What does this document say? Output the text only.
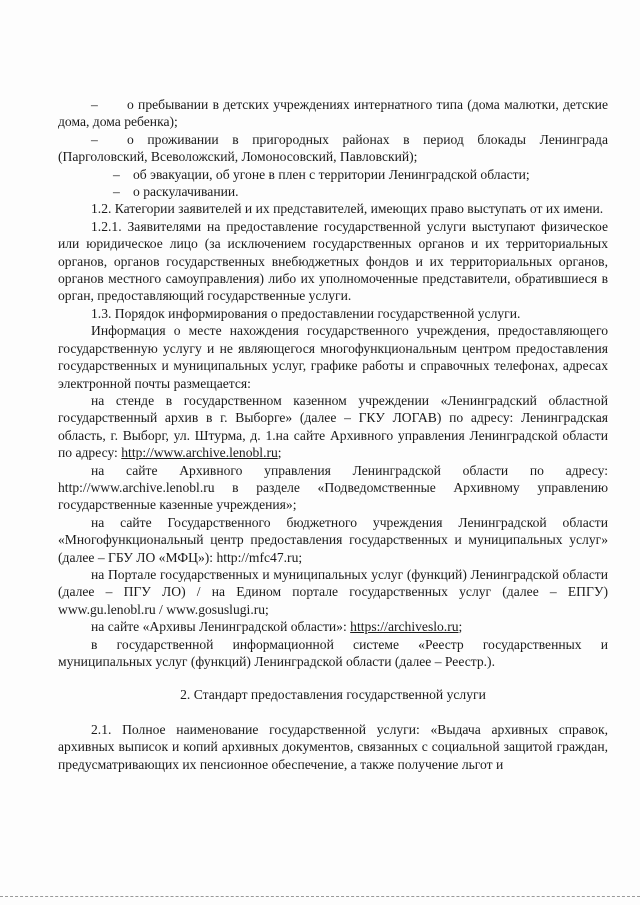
– о пребывании в детских учреждениях интернатного типа (дома малютки, детские дома, дома ребенка);

– о проживании в пригородных районах в период блокады Ленинграда (Парголовский, Всеволожский, Ломоносовский, Павловский);

– об эвакуации, об угоне в плен с территории Ленинградской области;

– о раскулачивании.

1.2. Категории заявителей и их представителей, имеющих право выступать от их имени.

1.2.1. Заявителями на предоставление государственной услуги выступают физическое или юридическое лицо (за исключением государственных органов и их территориальных органов, органов государственных внебюджетных фондов и их территориальных органов, органов местного самоуправления) либо их уполномоченные представители, обратившиеся в орган, предоставляющий государственные услуги.

1.3. Порядок информирования о предоставлении государственной услуги.

Информация о месте нахождения государственного учреждения, предоставляющего государственную услугу и не являющегося многофункциональным центром предоставления государственных и муниципальных услуг, графике работы и справочных телефонах, адресах электронной почты размещается:

на стенде в государственном казенном учреждении «Ленинградский областной государственный архив в г. Выборге» (далее – ГКУ ЛОГАВ) по адресу: Ленинградская область, г. Выборг, ул. Штурма, д. 1.на сайте Архивного управления Ленинградской области по адресу: http://www.archive.lenobl.ru;

на сайте Архивного управления Ленинградской области по адресу: http://www.archive.lenobl.ru в разделе «Подведомственные Архивному управлению государственные казенные учреждения»;

на сайте Государственного бюджетного учреждения Ленинградской области «Многофункциональный центр предоставления государственных и муниципальных услуг» (далее – ГБУ ЛО «МФЦ»): http://mfc47.ru;

на Портале государственных и муниципальных услуг (функций) Ленинградской области (далее – ПГУ ЛО) / на Едином портале государственных услуг (далее – ЕПГУ) www.gu.lenobl.ru / www.gosuslugi.ru;

на сайте «Архивы Ленинградской области»: https://archiveslo.ru;

в государственной информационной системе «Реестр государственных и муниципальных услуг (функций) Ленинградской области (далее – Реестр.).

2. Стандарт предоставления государственной услуги

2.1. Полное наименование государственной услуги: «Выдача архивных справок, архивных выписок и копий архивных документов, связанных с социальной защитой граждан, предусматривающих их пенсионное обеспечение, а также получение льгот и
